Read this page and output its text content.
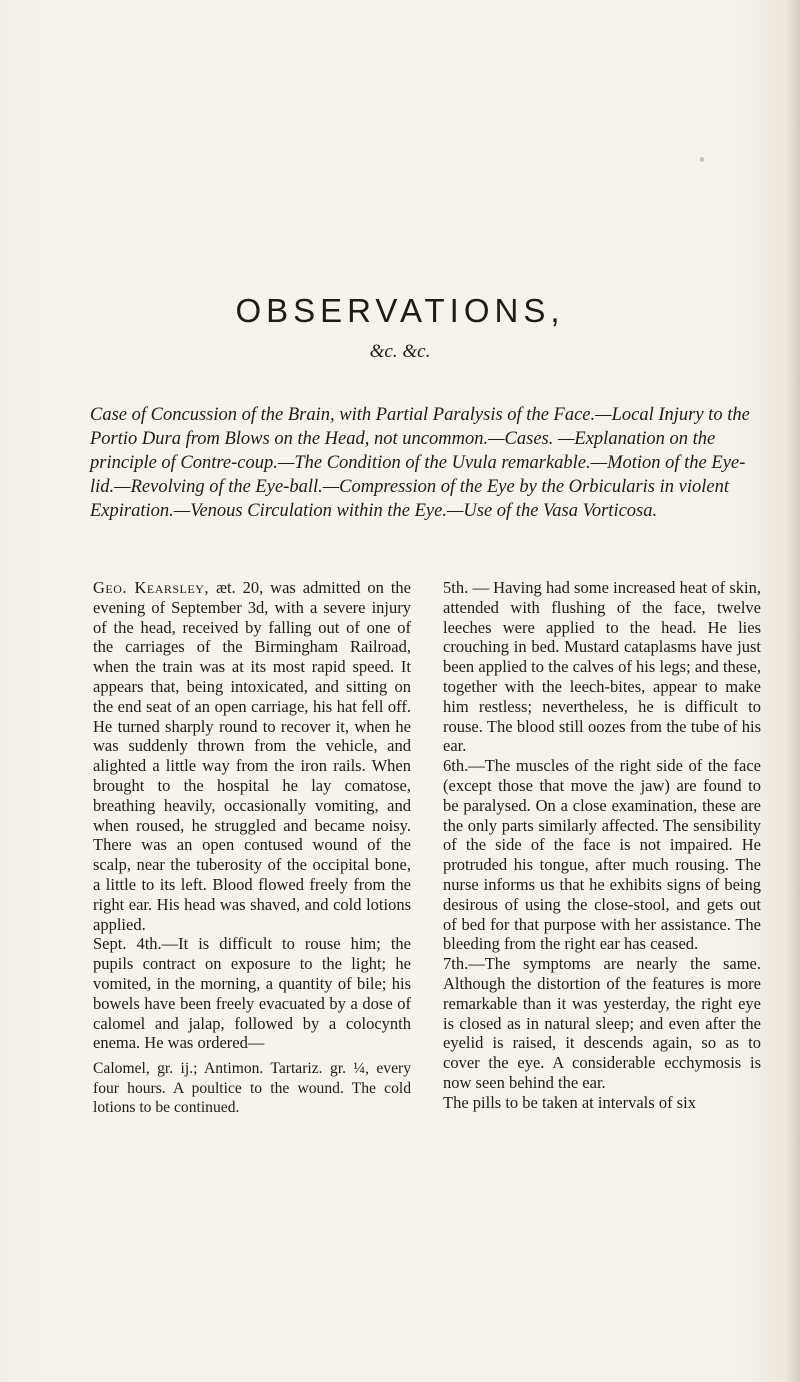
OBSERVATIONS,
&c. &c.

Case of Concussion of the Brain, with Partial Paralysis of the Face.—Local Injury to the Portio Dura from Blows on the Head, not uncommon.—Cases. —Explanation on the principle of Contre-coup.—The Condition of the Uvula remarkable.—Motion of the Eye-lid.—Revolving of the Eye-ball.—Compression of the Eye by the Orbicularis in violent Expiration.—Venous Circulation within the Eye.—Use of the Vasa Vorticosa.

Geo. Kearsley, æt. 20, was admitted on the evening of September 3d, with a severe injury of the head, received by falling out of one of the carriages of the Birmingham Railroad, when the train was at its most rapid speed. It appears that, being intoxicated, and sitting on the end seat of an open carriage, his hat fell off. He turned sharply round to recover it, when he was suddenly thrown from the vehicle, and alighted a little way from the iron rails. When brought to the hospital he lay comatose, breathing heavily, occasionally vomiting, and when roused, he struggled and became noisy. There was an open contused wound of the scalp, near the tuberosity of the occipital bone, a little to its left. Blood flowed freely from the right ear. His head was shaved, and cold lotions applied.

Sept. 4th.—It is difficult to rouse him; the pupils contract on exposure to the light; he vomited, in the morning, a quantity of bile; his bowels have been freely evacuated by a dose of calomel and jalap, followed by a colocynth enema. He was ordered—

Calomel, gr. ij.; Antimon. Tartariz. gr. ¼, every four hours. A poultice to the wound. The cold lotions to be continued.

5th. — Having had some increased heat of skin, attended with flushing of the face, twelve leeches were applied to the head. He lies crouching in bed. Mustard cataplasms have just been applied to the calves of his legs; and these, together with the leech-bites, appear to make him restless; nevertheless, he is difficult to rouse. The blood still oozes from the tube of his ear.

6th.—The muscles of the right side of the face (except those that move the jaw) are found to be paralysed. On a close examination, these are the only parts similarly affected. The sensibility of the side of the face is not impaired. He protruded his tongue, after much rousing. The nurse informs us that he exhibits signs of being desirous of using the close-stool, and gets out of bed for that purpose with her assistance. The bleeding from the right ear has ceased.

7th.—The symptoms are nearly the same. Although the distortion of the features is more remarkable than it was yesterday, the right eye is closed as in natural sleep; and even after the eyelid is raised, it descends again, so as to cover the eye. A considerable ecchymosis is now seen behind the ear.

The pills to be taken at intervals of six
